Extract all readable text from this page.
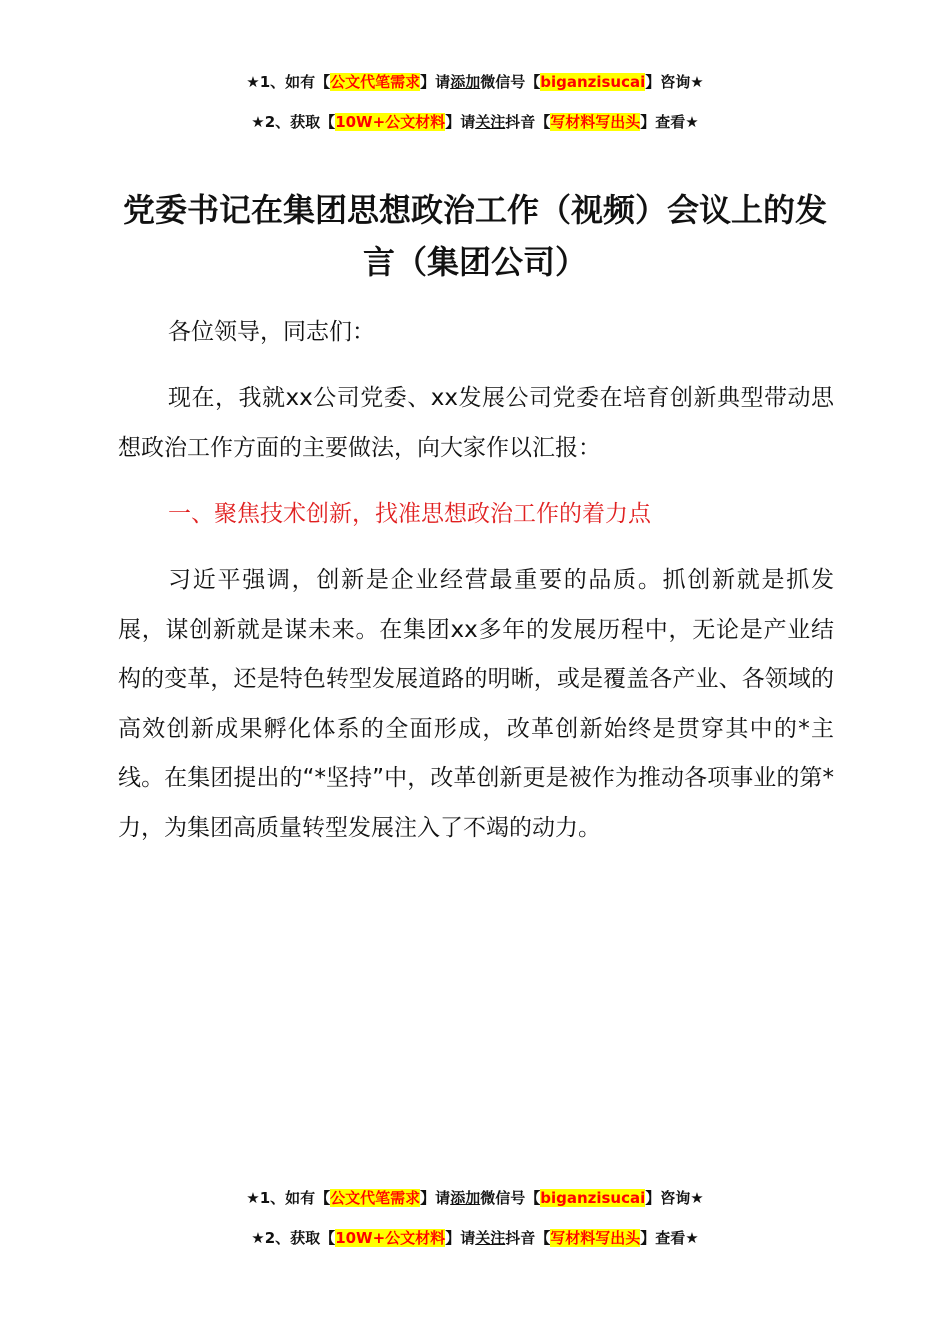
★1、如有【公文代笔需求】请添加微信号【biganzisucai】咨询★
★2、获取【10W+公文材料】请关注抖音【写材料写出头】查看★
党委书记在集团思想政治工作（视频）会议上的发言（集团公司）

各位领导，同志们：

现在，我就xx公司党委、xx发展公司党委在培育创新典型带动思想政治工作方面的主要做法，向大家作以汇报：

一、聚焦技术创新，找准思想政治工作的着力点

习近平强调，创新是企业经营最重要的品质。抓创新就是抓发展，谋创新就是谋未来。在集团xx多年的发展历程中，无论是产业结构的变革，还是特色转型发展道路的明晰，或是覆盖各产业、各领域的高效创新成果孵化体系的全面形成，改革创新始终是贯穿其中的*主线。在集团提出的“*坚持”中，改革创新更是被作为推动各项事业的第*力，为集团高质量转型发展注入了不竭的动力。

★1、如有【公文代笔需求】请添加微信号【biganzisucai】咨询★
★2、获取【10W+公文材料】请关注抖音【写材料写出头】查看★
